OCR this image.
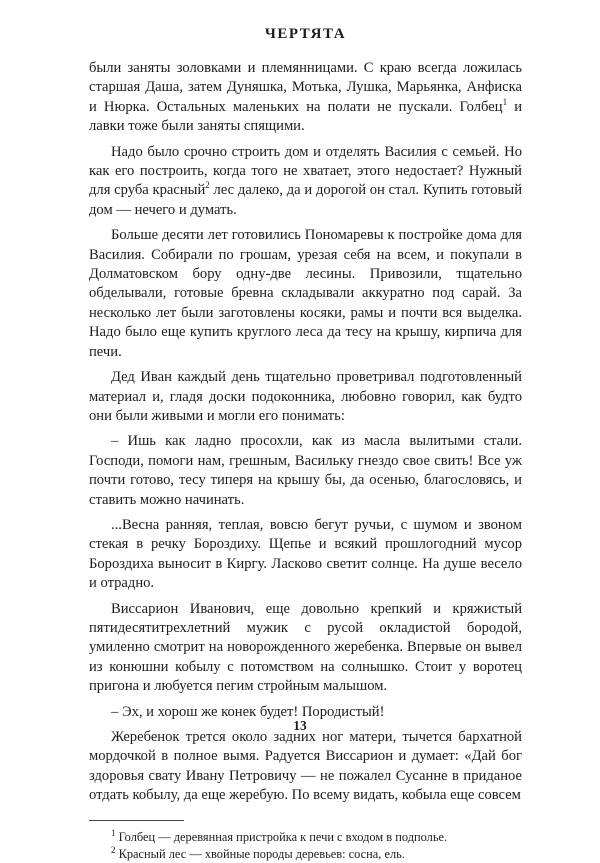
ЧЕРТЯТА

были заняты золовками и племянницами. С краю всегда ложилась старшая Даша, затем Дуняшка, Мотька, Лушка, Марьянка, Анфиска и Нюрка. Остальных маленьких на полати не пускали. Голбец$^1$ и лавки тоже были заняты спящими.

Надо было срочно строить дом и отделять Василия с семьей. Но как его построить, когда того не хватает, этого недостает? Нужный для сруба красный$^2$ лес далеко, да и дорогой он стал. Купить готовый дом — нечего и думать.

Больше десяти лет готовились Пономаревы к постройке дома для Василия. Собирали по грошам, урезая себя на всем, и покупали в Долматовском бору одну-две лесины. Привозили, тщательно обделывали, готовые бревна складывали аккуратно под сарай. За несколько лет были заготовлены косяки, рамы и почти вся выделка. Надо было еще купить круглого леса да тесу на крышу, кирпича для печи.

Дед Иван каждый день тщательно проветривал подготовленный материал и, гладя доски подоконника, любовно говорил, как будто они были живыми и могли его понимать:

– Ишь как ладно просохли, как из масла вылитыми стали. Господи, помоги нам, грешным, Васильку гнездо свое свить! Все уж почти готово, тесу типеря на крышу бы, да осенью, благословясь, и ставить можно начинать.

...Весна ранняя, теплая, вовсю бегут ручьи, с шумом и звоном стекая в речку Бороздиху. Щепье и всякий прошлогодний мусор Бороздиха выносит в Киргу. Ласково светит солнце. На душе весело и отрадно.

Виссарион Иванович, еще довольно крепкий и кряжистый пятидесятитрехлетний мужик с русой окладистой бородой, умиленно смотрит на новорожденного жеребенка. Впервые он вывел из конюшни кобылу с потомством на солнышко. Стоит у воротец пригона и любуется пегим стройным малышом.

– Эх, и хорош же конек будет! Породистый!

Жеребенок трется около задних ног матери, тычется бархатной мордочкой в полное вымя. Радуется Виссарион и думает: «Дай бог здоровья свату Ивану Петровичу — не пожалел Сусанне в приданое отдать кобылу, да еще жеребую. По всему видать, кобыла еще совсем

$^1$ Голбец — деревянная пристройка к печи с входом в подполье.

$^2$ Красный лес — хвойные породы деревьев: сосна, ель.

13
